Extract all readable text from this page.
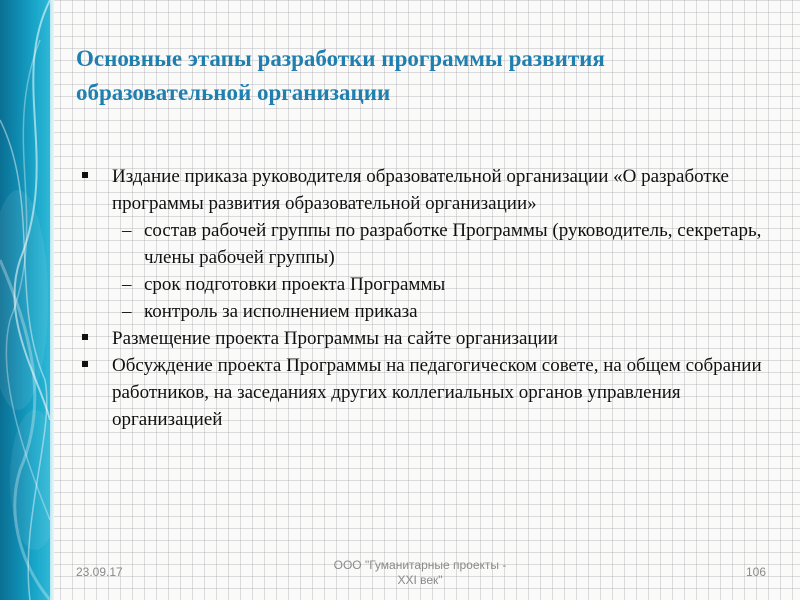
Основные этапы разработки программы развития образовательной организации
Издание приказа руководителя образовательной организации «О разработке программы развития образовательной организации»
– состав рабочей группы по разработке Программы (руководитель, секретарь, члены рабочей группы)
– срок подготовки проекта Программы
– контроль за исполнением приказа
Размещение проекта Программы на сайте организации
Обсуждение проекта Программы на педагогическом совете, на общем собрании работников, на заседаниях других коллегиальных органов управления организацией
23.09.17	ООО "Гуманитарные проекты -
XXI век"
106
